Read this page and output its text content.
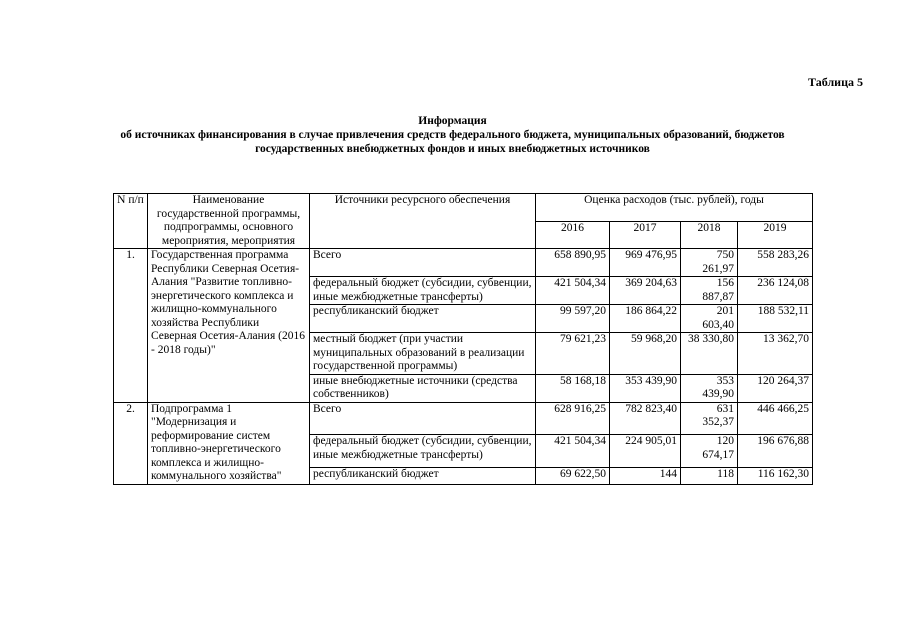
Таблица 5
Информация
об источниках финансирования в случае привлечения средств федерального бюджета, муниципальных образований, бюджетов
государственных внебюджетных фондов и иных внебюджетных источников
N п/п	Наименование государственной программы, подпрограммы, основного мероприятия, мероприятия	Источники ресурсного обеспечения	Оценка расходов (тыс. рублей), годы			
			2016	2017	2018	2019
1.	Государственная программа Республики Северная Осетия-Алания "Развитие топливно-энергетического комплекса и жилищно-коммунального хозяйства Республики Северная Осетия-Алания (2016 - 2018 годы)"	Всего	658 890,95	969 476,95	750 261,97	558 283,26
		федеральный бюджет (субсидии, субвенции, иные межбюджетные трансферты)	421 504,34	369 204,63	156 887,87	236 124,08
		республиканский бюджет	99 597,20	186 864,22	201 603,40	188 532,11
		местный бюджет (при участии муниципальных образований в реализации государственной программы)	79 621,23	59 968,20	38 330,80	13 362,70
		иные внебюджетные источники (средства собственников)	58 168,18	353 439,90	353 439,90	120 264,37
2.	Подпрограмма 1 "Модернизация и реформирование систем топливно-энергетического комплекса и жилищно-коммунального хозяйства"	Всего	628 916,25	782 823,40	631 352,37	446 466,25
		федеральный бюджет (субсидии, субвенции, иные межбюджетные трансферты)	421 504,34	224 905,01	120 674,17	196 676,88
		республиканский бюджет	69 622,50	144	118	116 162,30
